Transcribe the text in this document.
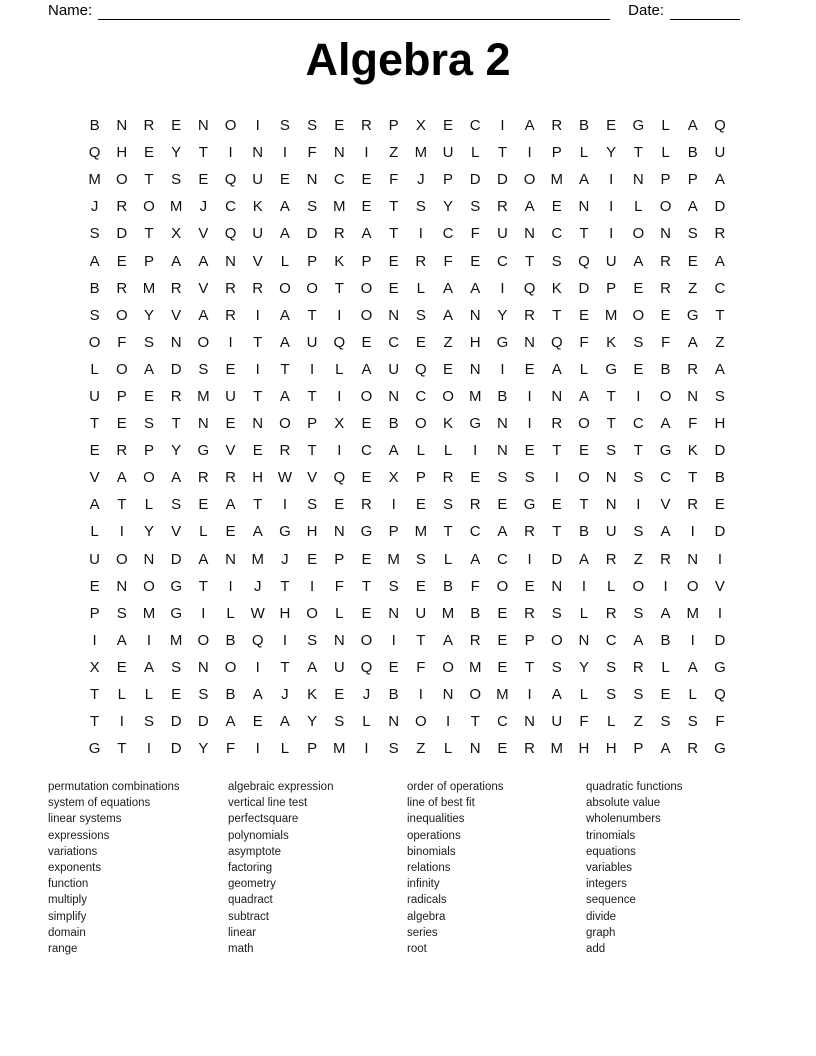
Name:	Date:
Algebra 2
B	N	R	E	N	O	I	S	S	E	R	P	X	E	C	I	A	R	B	E	G	L	A	Q
Q	H	E	Y	T	I	N	I	F	N	I	Z	M	U	L	T	I	P	L	Y	T	L	B	U
M	O	T	S	E	Q	U	E	N	C	E	F	J	P	D	D	O	M	A	I	N	P	P	A
J	R	O	M	J	C	K	A	S	M	E	T	S	Y	S	R	A	E	N	I	L	O	A	D
S	D	T	X	V	Q	U	A	D	R	A	T	I	C	F	U	N	C	T	I	O	N	S	R
A	E	P	A	A	N	V	L	P	K	P	E	R	F	E	C	T	S	Q	U	A	R	E	A
B	R	M	R	V	R	R	O	O	T	O	E	L	A	A	I	Q	K	D	P	E	R	Z	C
S	O	Y	V	A	R	I	A	T	I	O	N	S	A	N	Y	R	T	E	M	O	E	G	T
O	F	S	N	O	I	T	A	U	Q	E	C	E	Z	H	G	N	Q	F	K	S	F	A	Z
L	O	A	D	S	E	I	T	I	L	A	U	Q	E	N	I	E	A	L	G	E	B	R	A
U	P	E	R	M	U	T	A	T	I	O	N	C	O	M	B	I	N	A	T	I	O	N	S
T	E	S	T	N	E	N	O	P	X	E	B	O	K	G	N	I	R	O	T	C	A	F	H
E	R	P	Y	G	V	E	R	T	I	C	A	L	L	I	N	E	T	E	S	T	G	K	D
V	A	O	A	R	R	H W	V	Q	E	X	P	R	E	S	S	I	O	N	S	C	T	B
A	T	L	S	E	A	T	I	S	E	R	I	E	S	R	E	G	E	T	N	I	V	R	E
L	I	Y	V	L	E	A	G	H	N	G	P	M	T	C	A	R	T	B	U	S	A	I	D
U	O	N	D	A	N	M	J	E	P	E	M	S	L	A	C	I	D	A	R	Z	R	N	I
E	N	O	G	T	I	J	T	I	F	T	S	E	B	F	O	E	N	I	L	O	I	O	V
P	S	M	G	I	L	W H	O	L	E	N	U	M	B	E	R	S	L	R	S	A	M	I
I	A	I	M	O	B	Q	I	S	N	O	I	T	A	R	E	P	O	N	C	A	B	I	D
X	E	A	S	N	O	I	T	A	U	Q	E	F	O	M	E	T	S	Y	S	R	L	A	G
T	L	L	E	S	B	A	J	K	E	J	B	I	N	O	M	I	A	L	S	S	E	L	Q
T	I	S	D	D	A	E	A	Y	S	L	N	O	I	T	C	N	U	F	L	Z	S	S	F
G	T	I	D	Y	F	I	L	P	M	I	S	Z	L	N	E	R	M	H	H	P	A	R	G
permutation combinations
system of equations
linear systems
expressions
variations
exponents
function
multiply
simplify
domain
range
algebraic expression
vertical line test
perfectsquare
polynomials
asymptote
factoring
geometry
quadract
subtract
linear
math
order of operations
line of best fit
inequalities
operations
binomials
relations
infinity
radicals
algebra
series
root
quadratic functions
absolute value
wholenumbers
trinomials
equations
variables
integers
sequence
divide
graph
add
